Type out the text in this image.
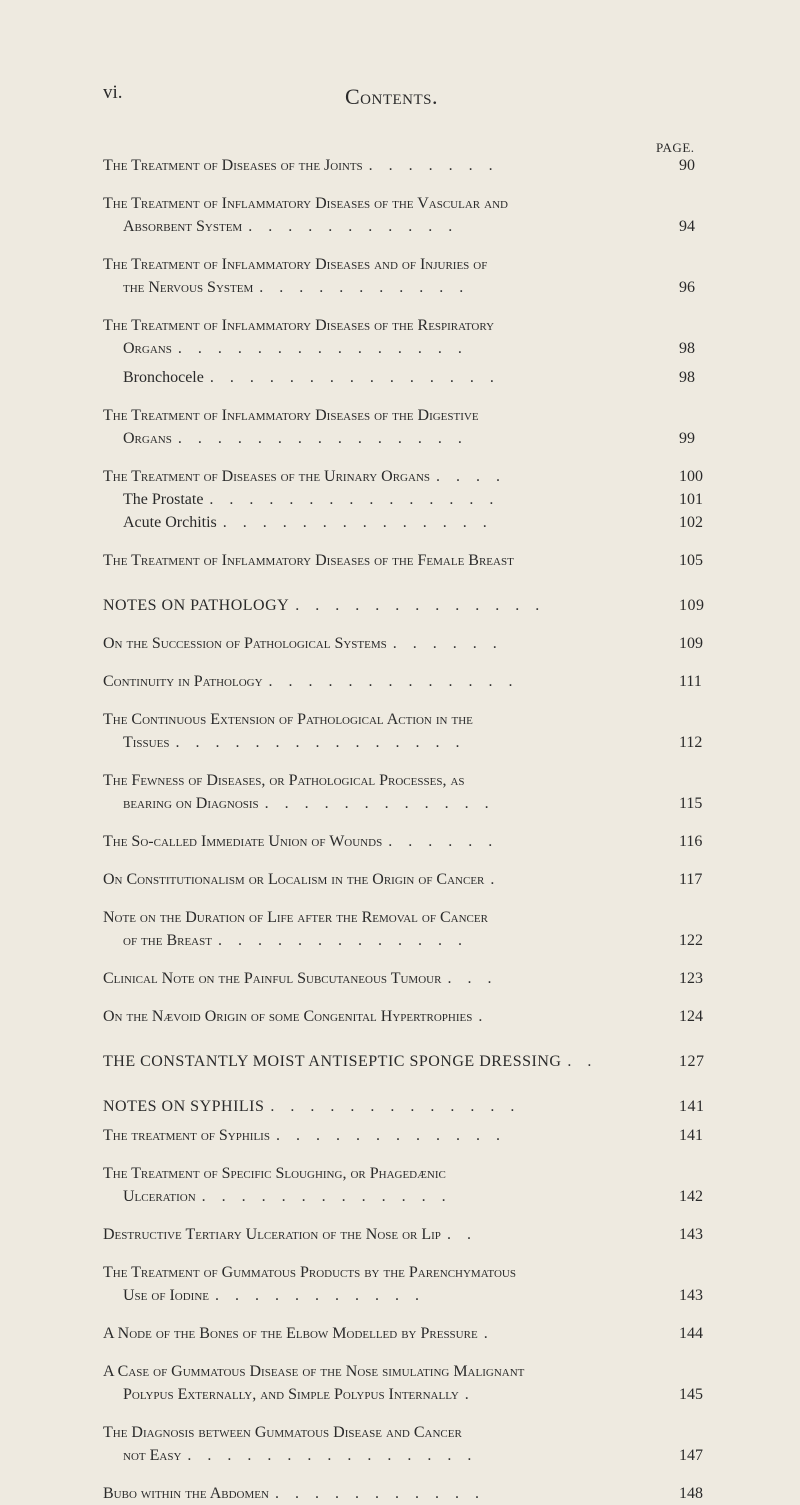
vi.	Contents.
PAGE.
The Treatment of Diseases of the Joints . . . . . . .	90
The Treatment of Inflammatory Diseases of the Vascular and
Absorbent System . . . . . . . . . . .	94
The Treatment of Inflammatory Diseases and of Injuries of
the Nervous System . . . . . . . . . . .	96
The Treatment of Inflammatory Diseases of the Respiratory
Organs . . . . . . . . . . . . . . .	98
Bronchocele . . . . . . . . . . . . . . .	98
The Treatment of Inflammatory Diseases of the Digestive
Organs . . . . . . . . . . . . . . .	99
The Treatment of Diseases of the Urinary Organs . . . .	100
The Prostate . . . . . . . . . . . . . . .	101
Acute Orchitis . . . . . . . . . . . . . .	102
The Treatment of Inflammatory Diseases of the Female Breast	105
NOTES ON PATHOLOGY . . . . . . . . . . . . .	109
On the Succession of Pathological Systems . . . . . .	109
Continuity in Pathology . . . . . . . . . . . . .	111
The Continuous Extension of Pathological Action in the
Tissues . . . . . . . . . . . . . . .	112
The Fewness of Diseases, or Pathological Processes, as
bearing on Diagnosis . . . . . . . . . . . .	115
The So-called Immediate Union of Wounds . . . . . .	116
On Constitutionalism or Localism in the Origin of Cancer .	117
Note on the Duration of Life after the Removal of Cancer
of the Breast . . . . . . . . . . . . .	122
Clinical Note on the Painful Subcutaneous Tumour . . .	123
On the Nævoid Origin of some Congenital Hypertrophies .	124
THE CONSTANTLY MOIST ANTISEPTIC SPONGE DRESSING . .	127
NOTES ON SYPHILIS . . . . . . . . . . . . .	141
The treatment of Syphilis . . . . . . . . . . . .	141
The Treatment of Specific Sloughing, or Phagedænic
Ulceration . . . . . . . . . . . . .	142
Destructive Tertiary Ulceration of the Nose or Lip . .	143
The Treatment of Gummatous Products by the Parenchymatous
Use of Iodine . . . . . . . . . . .	143
A Node of the Bones of the Elbow Modelled by Pressure .	144
A Case of Gummatous Disease of the Nose simulating Malignant
Polypus Externally, and Simple Polypus Internally .	145
The Diagnosis between Gummatous Disease and Cancer
not Easy . . . . . . . . . . . . . . .	147
Bubo within the Abdomen . . . . . . . . . . .	148
